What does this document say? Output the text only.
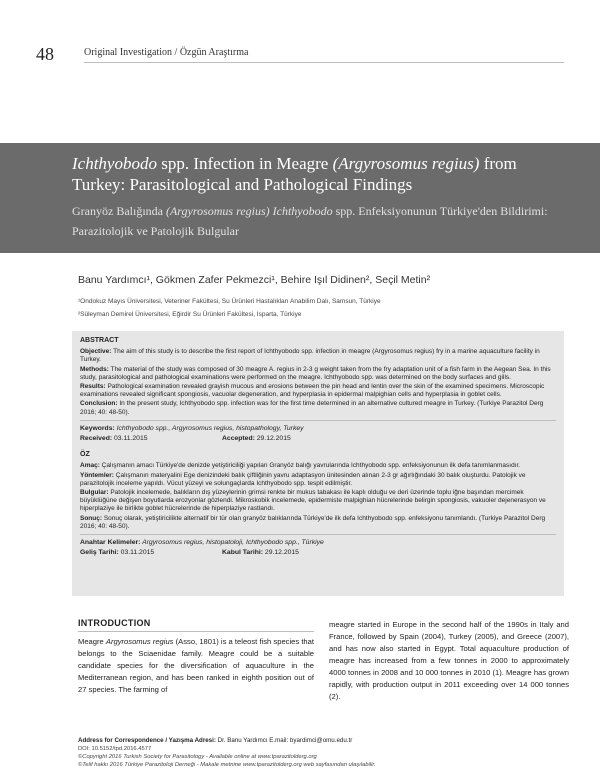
48	Original Investigation / Özgün Araştırma
Ichthyobodo spp. Infection in Meagre (Argyrosomus regius) from Turkey: Parasitological and Pathological Findings
Granyöz Balığında (Argyrosomus regius) Ichthyobodo spp. Enfeksiyonunun Türkiye'den Bildirimi: Parazitolojik ve Patolojik Bulgular
Banu Yardımcı¹, Gökmen Zafer Pekmezci¹, Behire Işıl Didinen², Seçil Metin²
¹Ondokuz Mayıs Üniversitesi, Veteriner Fakültesi, Su Ürünleri Hastalıkları Anabilim Dalı, Samsun, Türkiye
²Süleyman Demirel Üniversitesi, Eğirdir Su Ürünleri Fakültesi, Isparta, Türkiye
ABSTRACT
Objective: The aim of this study is to describe the first report of Ichthyobodo spp. infection in meagre (Argyrosomus regius) fry in a marine aquaculture facility in Turkey.
Methods: The material of the study was composed of 30 meagre A. regius in 2-3 g weight taken from the fry adaptation unit of a fish farm in the Aegean Sea. In this study, parasitological and pathological examinations were performed on the meagre. Ichthyobodo spp. was determined on the body surfaces and gills.
Results: Pathological examination revealed grayish mucous and erosions between the pin head and lentin over the skin of the examined specimens. Microscopic examinations revealed significant spongiosis, vacuolar degeneration, and hyperplasia in epidermal malpighian cells and hyperplasia in goblet cells.
Conclusion: In the present study, Ichthyobodo spp. infection was for the first time determined in an alternative cultured meagre in Turkey. (Turkiye Parazitol Derg 2016; 40: 48-50).
Keywords: Ichthyobodo spp., Argyrosomus regius, histopathology, Turkey
Received: 03.11.2015	Accepted: 29.12.2015
ÖZ
Amaç: Çalışmanın amacı Türkiye'de denizde yetiştiriciliği yapılan Granyöz balığı yavrularında Ichthyobodo spp. enfeksiyonunun ilk defa tanımlanmasıdır.
Yöntemler: Çalışmanın materyalini Ege denizindeki balık çiftliğinin yavru adaptasyon ünitesinden alınan 2-3 gr ağırlığındaki 30 balık oluşturdu. Patolojik ve parazitolojik inceleme yapıldı. Vücut yüzeyi ve solungaçlarda Ichthyobodo spp. tespit edilmiştir.
Bulgular: Patolojik incelemede, balıkların dış yüzeylerinin grimsi renkte bir mukus tabakası ile kaplı olduğu ve deri üzerinde toplu iğne başından mercimek büyüklüğüne değişen boyutlarda erozyonlar gözlendi. Mikroskobik incelemede, epidermiste malpighian hücrelerinde belirgin spongiosis, vakuoler dejenerasyon ve hiperplaziye ile birlikte goblet hücrelerinde de hiperplaziye rastlandı.
Sonuç: Sonuç olarak, yetiştiricilikte alternatif bir tür olan granyöz balıklarında Türkiye'de ilk defa Ichthyobodo spp. enfeksiyonu tanımlandı. (Turkiye Parazitol Derg 2016; 40: 48-50).
Anahtar Kelimeler: Argyrosomus regius, histopatoloji, Ichthyobodo spp., Türkiye
Geliş Tarihi: 03.11.2015	Kabul Tarihi: 29.12.2015
INTRODUCTION
Meagre Argyrosomus regius (Asso, 1801) is a teleost fish species that belongs to the Sciaenidae family. Meagre could be a suitable candidate species for the diversification of aquaculture in the Mediterranean region, and has been ranked in eighth position out of 27 species. The farming of
meagre started in Europe in the second half of the 1990s in Italy and France, followed by Spain (2004), Turkey (2005), and Greece (2007), and has now also started in Egypt. Total aquaculture production of meagre has increased from a few tonnes in 2000 to approximately 4000 tonnes in 2008 and 10 000 tonnes in 2010 (1). Meagre has grown rapidly, with production output in 2011 exceeding over 14 000 tonnes (2).
Address for Correspondence / Yazışma Adresi: Dr. Banu Yardımcı E.mail: byardimci@omu.edu.tr
DOI: 10.5152/tpd.2016.4577
©Copyright 2016 Turkish Society for Parasitology - Available online at www.tparazitolderg.org
©Telif hakkı 2016 Türkiye Parazitoloji Derneği - Makale metnine www.tparazitolderg.org web sayfasından ulaşılabilir.
